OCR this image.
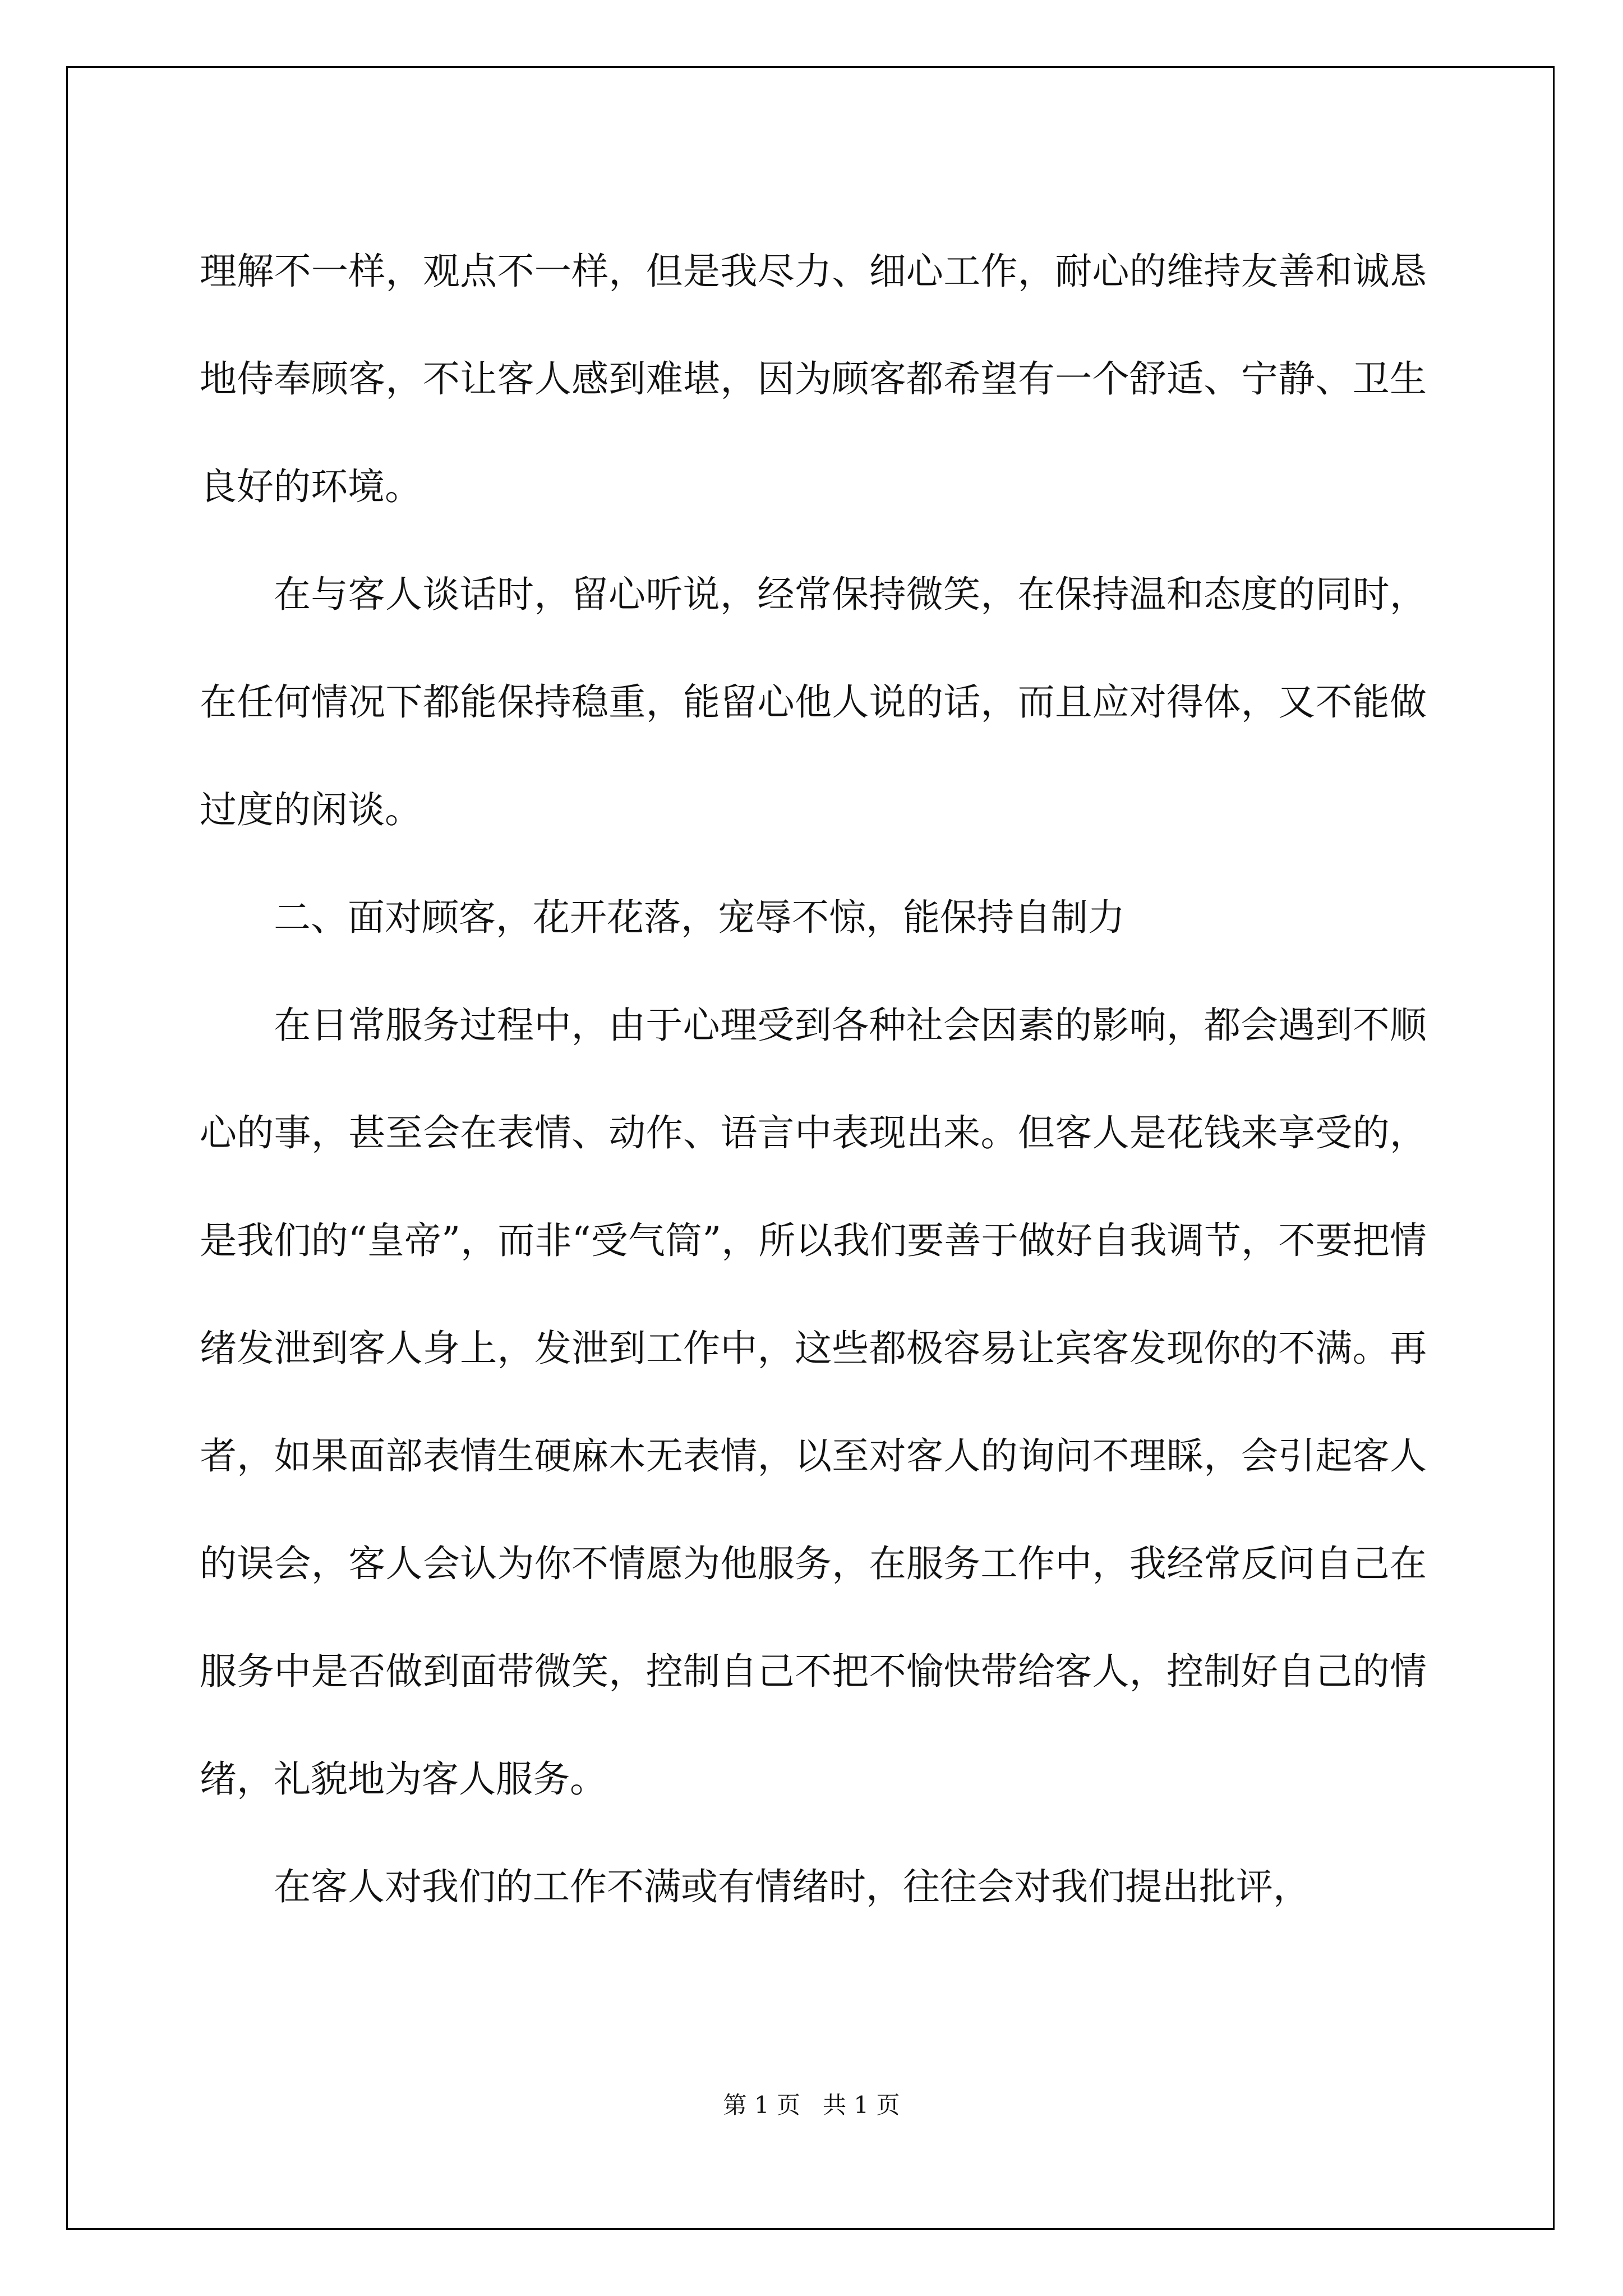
理解不一样，观点不一样，但是我尽力、细心工作，耐心的维持友善和诚恳地侍奉顾客，不让客人感到难堪，因为顾客都希望有一个舒适、宁静、卫生良好的环境。

在与客人谈话时，留心听说，经常保持微笑，在保持温和态度的同时，在任何情况下都能保持稳重，能留心他人说的话，而且应对得体，又不能做过度的闲谈。

二、面对顾客，花开花落，宠辱不惊，能保持自制力

在日常服务过程中，由于心理受到各种社会因素的影响，都会遇到不顺心的事，甚至会在表情、动作、语言中表现出来。但客人是花钱来享受的，是我们的“皇帝”，而非“受气筒”，所以我们要善于做好自我调节，不要把情绪发泄到客人身上，发泄到工作中，这些都极容易让宾客发现你的不满。再者，如果面部表情生硬麻木无表情，以至对客人的询问不理睬，会引起客人的误会，客人会认为你不情愿为他服务，在服务工作中，我经常反问自己在服务中是否做到面带微笑，控制自己不把不愉快带给客人，控制好自己的情绪，礼貌地为客人服务。

在客人对我们的工作不满或有情绪时，往往会对我们提出批评，

第 1 页   共 1 页
